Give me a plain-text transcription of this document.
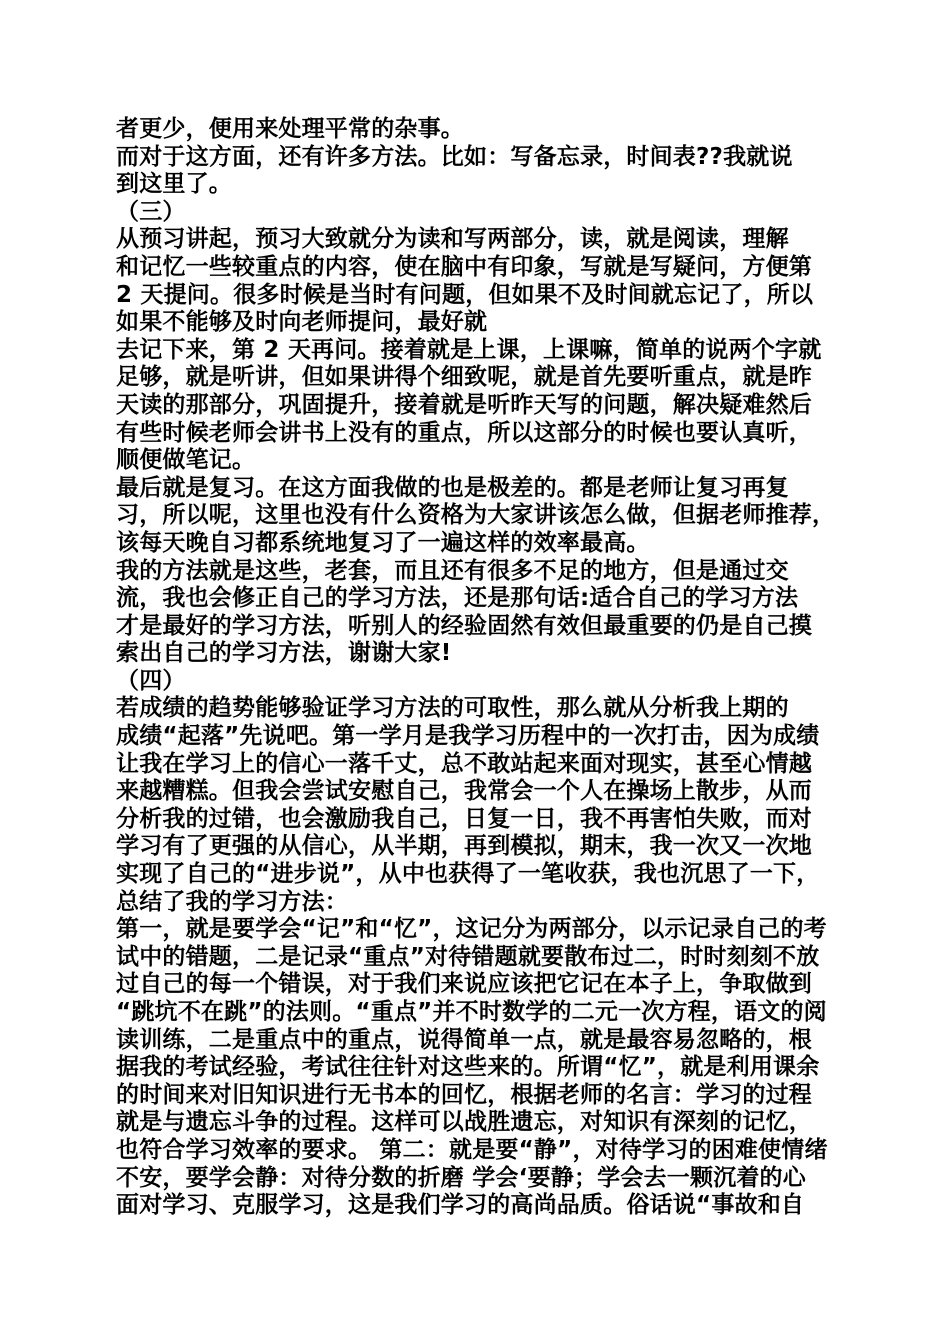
者更少，便用来处理平常的杂事。
而对于这方面，还有许多方法。比如：写备忘录，时间表??我就说
到这里了。
（三）
从预习讲起，预习大致就分为读和写两部分，读，就是阅读，理解
和记忆一些较重点的内容，使在脑中有印象，写就是写疑问，方便第
2 天提问。很多时候是当时有问题，但如果不及时间就忘记了，所以
如果不能够及时向老师提问，最好就
去记下来，第 2 天再问。接着就是上课，上课嘛，简单的说两个字就
足够，就是听讲，但如果讲得个细致呢，就是首先要听重点，就是昨
天读的那部分，巩固提升，接着就是听昨天写的问题，解决疑难然后
有些时候老师会讲书上没有的重点，所以这部分的时候也要认真听，
顺便做笔记。
最后就是复习。在这方面我做的也是极差的。都是老师让复习再复
习，所以呢，这里也没有什么资格为大家讲该怎么做，但据老师推荐，
该每天晚自习都系统地复习了一遍这样的效率最高。
我的方法就是这些，老套，而且还有很多不足的地方，但是通过交
流，我也会修正自己的学习方法，还是那句话:适合自己的学习方法
才是最好的学习方法，听别人的经验固然有效但最重要的仍是自己摸
索出自己的学习方法，谢谢大家!
（四）
若成绩的趋势能够验证学习方法的可取性，那么就从分析我上期的
成绩“起落”先说吧。第一学月是我学习历程中的一次打击，因为成绩
让我在学习上的信心一落千丈，总不敢站起来面对现实，甚至心情越
来越糟糕。但我会尝试安慰自己，我常会一个人在操场上散步，从而
分析我的过错，也会激励我自己，日复一日，我不再害怕失败，而对
学习有了更强的从信心，从半期，再到模拟，期末，我一次又一次地
实现了自己的“进步说”，从中也获得了一笔收获，我也沉思了一下，
总结了我的学习方法：
第一，就是要学会“记”和“忆”，这记分为两部分，以示记录自己的考
试中的错题，二是记录“重点”对待错题就要散布过二，时时刻刻不放
过自己的每一个错误，对于我们来说应该把它记在本子上，争取做到
“跳坑不在跳”的法则。“重点”并不时数学的二元一次方程，语文的阅
读训练，二是重点中的重点，说得简单一点，就是最容易忽略的，根
据我的考试经验，考试往往针对这些来的。所谓“忆”，就是利用课余
的时间来对旧知识进行无书本的回忆，根据老师的名言：学习的过程
就是与遗忘斗争的过程。这样可以战胜遗忘，对知识有深刻的记忆，
也符合学习效率的要求。 第二：就是要“静”，对待学习的困难使情绪
不安，要学会静：对待分数的折磨 学会‘要静；学会去一颗沉着的心
面对学习、克服学习，这是我们学习的高尚品质。俗话说“事故和自
